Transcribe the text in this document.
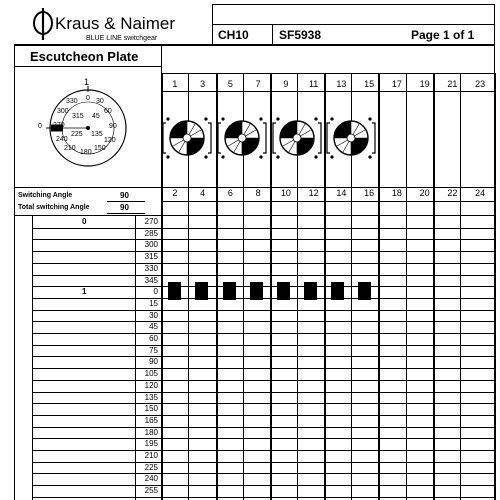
Kraus & Naimer
BLUE LINE switchgear	CH10	SF5938	Page 1 of 1
Escutcheon Plate
1
0
330 0 30
60
90
120
150
180
210
240
270
300
315 45
135
225
Switching Angle	90
Total switching Angle	90
1	3	5	7	9	11	13	15	17	19	21	23
2	4	6	8	10	12	14	16	18	20	22	24
0	270
285
300
315
330
345
1	0
15
30
45
60
75
90
105
120
135
150
165
180
195
210
225
240
255
